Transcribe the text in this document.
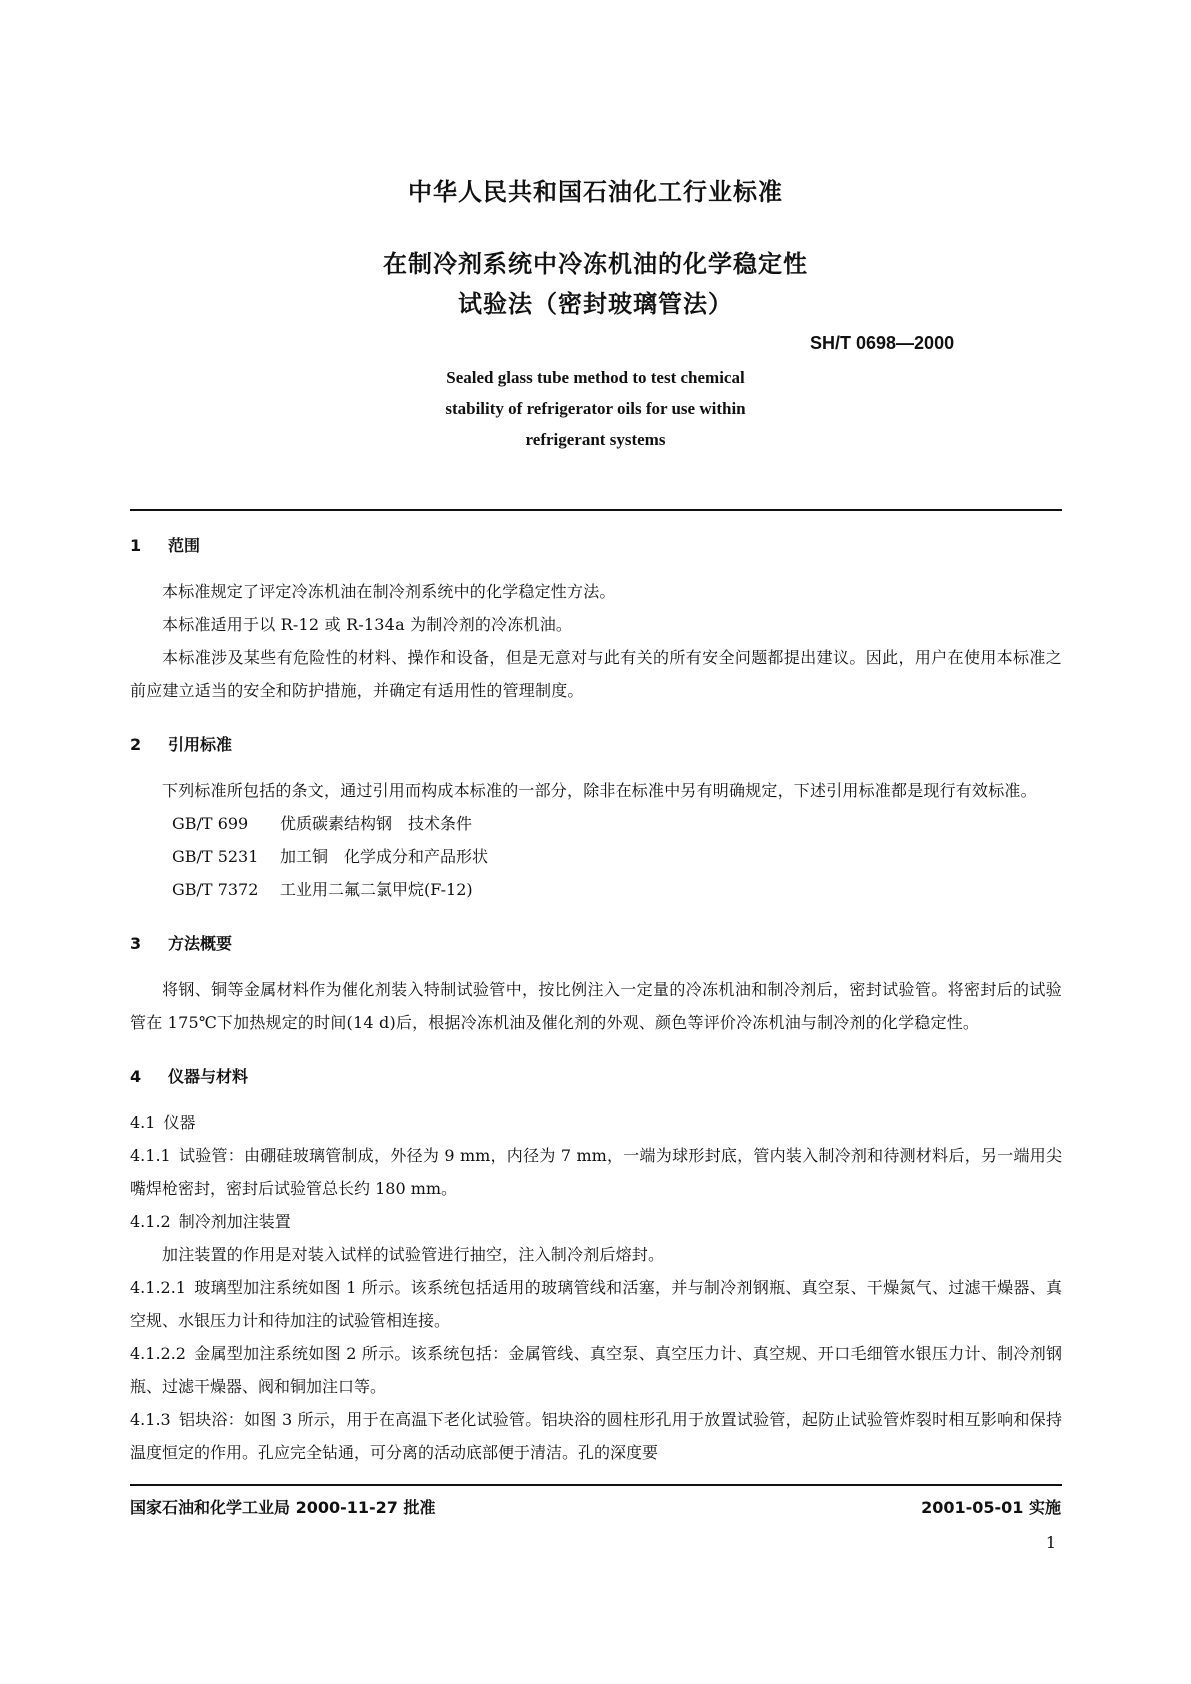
中华人民共和国石油化工行业标准
在制冷剂系统中冷冻机油的化学稳定性
试验法（密封玻璃管法）
SH/T 0698—2000
Sealed glass tube method to test chemical
stability of refrigerator oils for use within
refrigerant systems
1 范围
本标准规定了评定冷冻机油在制冷剂系统中的化学稳定性方法。
本标准适用于以 R-12 或 R-134a 为制冷剂的冷冻机油。
本标准涉及某些有危险性的材料、操作和设备，但是无意对与此有关的所有安全问题都提出建议。因此，用户在使用本标准之前应建立适当的安全和防护措施，并确定有适用性的管理制度。
2 引用标准
下列标准所包括的条文，通过引用而构成本标准的一部分，除非在标准中另有明确规定，下述引用标准都是现行有效标准。
GB/T 699 优质碳素结构钢　技术条件
GB/T 5231 加工铜　化学成分和产品形状
GB/T 7372 工业用二氟二氯甲烷(F-12)
3 方法概要
将钢、铜等金属材料作为催化剂装入特制试验管中，按比例注入一定量的冷冻机油和制冷剂后，密封试验管。将密封后的试验管在 175℃下加热规定的时间(14 d)后，根据冷冻机油及催化剂的外观、颜色等评价冷冻机油与制冷剂的化学稳定性。
4 仪器与材料
4.1 仪器
4.1.1 试验管：由硼硅玻璃管制成，外径为 9 mm，内径为 7 mm，一端为球形封底，管内装入制冷剂和待测材料后，另一端用尖嘴焊枪密封，密封后试验管总长约 180 mm。
4.1.2 制冷剂加注装置
加注装置的作用是对装入试样的试验管进行抽空，注入制冷剂后熔封。
4.1.2.1 玻璃型加注系统如图 1 所示。该系统包括适用的玻璃管线和活塞，并与制冷剂钢瓶、真空泵、干燥氮气、过滤干燥器、真空规、水银压力计和待加注的试验管相连接。
4.1.2.2 金属型加注系统如图 2 所示。该系统包括：金属管线、真空泵、真空压力计、真空规、开口毛细管水银压力计、制冷剂钢瓶、过滤干燥器、阀和铜加注口等。
4.1.3 铝块浴：如图 3 所示，用于在高温下老化试验管。铝块浴的圆柱形孔用于放置试验管，起防止试验管炸裂时相互影响和保持温度恒定的作用。孔应完全钻通，可分离的活动底部便于清洁。孔的深度要
国家石油和化学工业局 2000-11-27 批准	2001-05-01 实施
1
